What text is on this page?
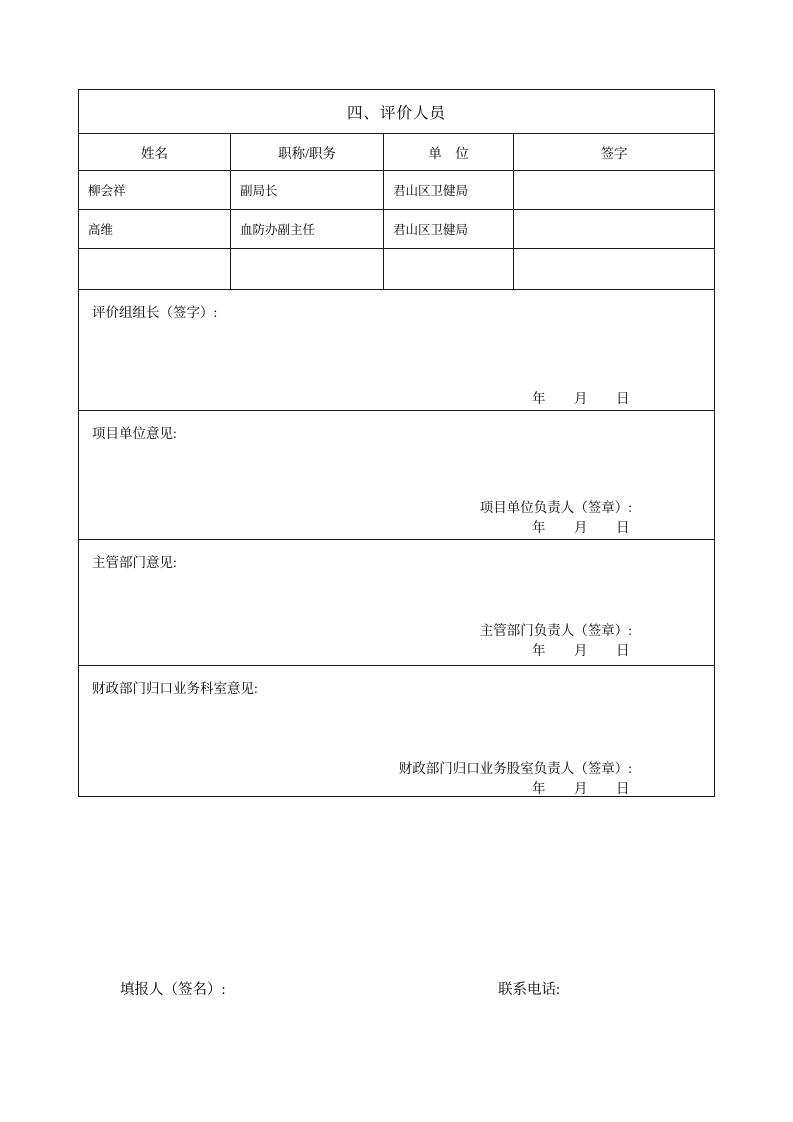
四、评价人员			
姓名	职称/职务	单　位	签字
柳会祥	副局长	君山区卫健局	
高维	血防办副主任	君山区卫健局	

评价组组长（签字）:
年　　月　　日			

项目单位意见:
项目单位负责人（签章）:
年　　月　　日			

主管部门意见:
主管部门负责人（签章）:
年　　月　　日			

财政部门归口业务科室意见:
财政部门归口业务股室负责人（签章）:
年　　月　　日			
填报人（签名）:	联系电话:
